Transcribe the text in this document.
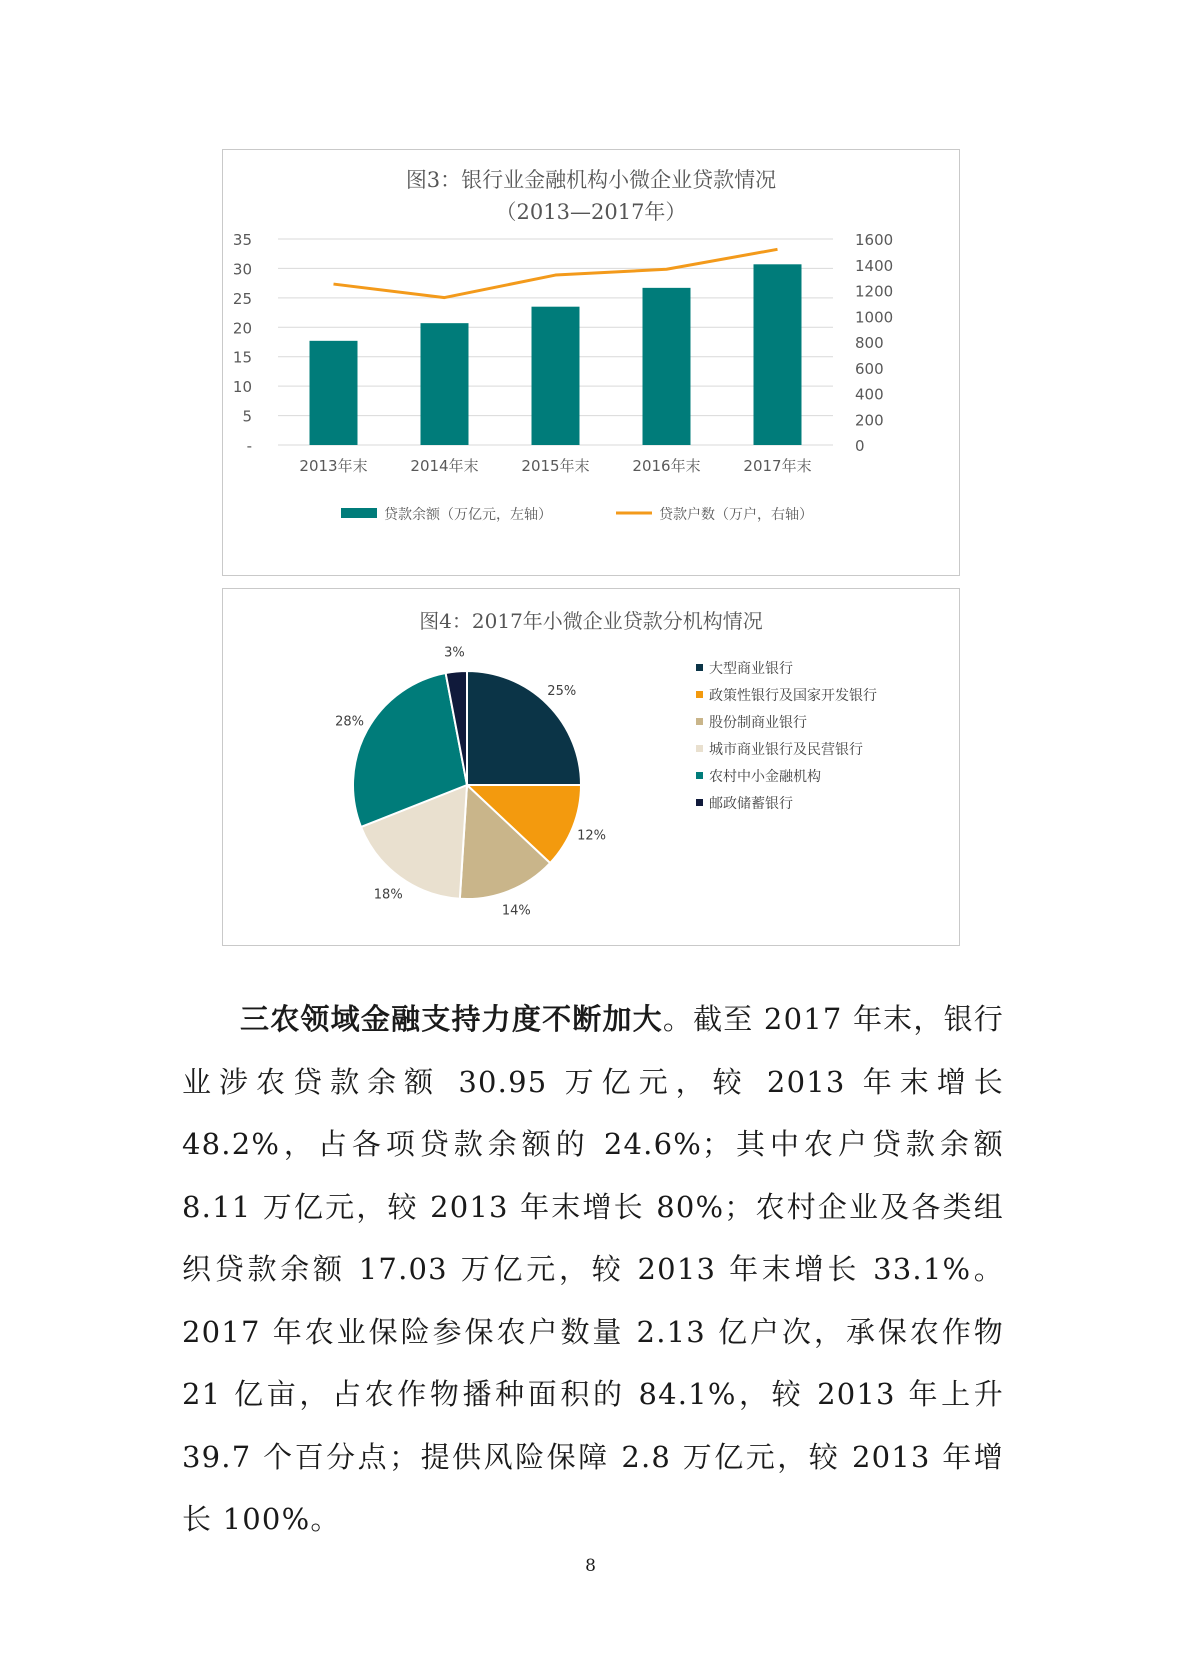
图3：银行业金融机构小微企业贷款情况
（2013—2017年）
-
5
10
15
20
25
30
35
0
200
400
600
800
1000
1200
1400
1600
2013年末	2014年末	2015年末	2016年末	2017年末
贷款余额（万亿元，左轴）	贷款户数（万户，右轴）
图4：2017年小微企业贷款分机构情况
25%
12%
14%
18%
28%
3%
大型商业银行
政策性银行及国家开发银行
股份制商业银行
城市商业银行及民营银行
农村中小金融机构
邮政储蓄银行
三农领域金融支持力度不断加大。截至 2017 年末，银行业涉农贷款余额 30.95 万亿元，较 2013 年末增长 48.2%，占各项贷款余额的 24.6%；其中农户贷款余额 8.11 万亿元，较 2013 年末增长 80%；农村企业及各类组织贷款余额 17.03 万亿元，较 2013 年末增长 33.1%。2017 年农业保险参保农户数量 2.13 亿户次，承保农作物 21 亿亩，占农作物播种面积的 84.1%，较 2013 年上升 39.7 个百分点；提供风险保障 2.8 万亿元，较 2013 年增长 100%。
8
